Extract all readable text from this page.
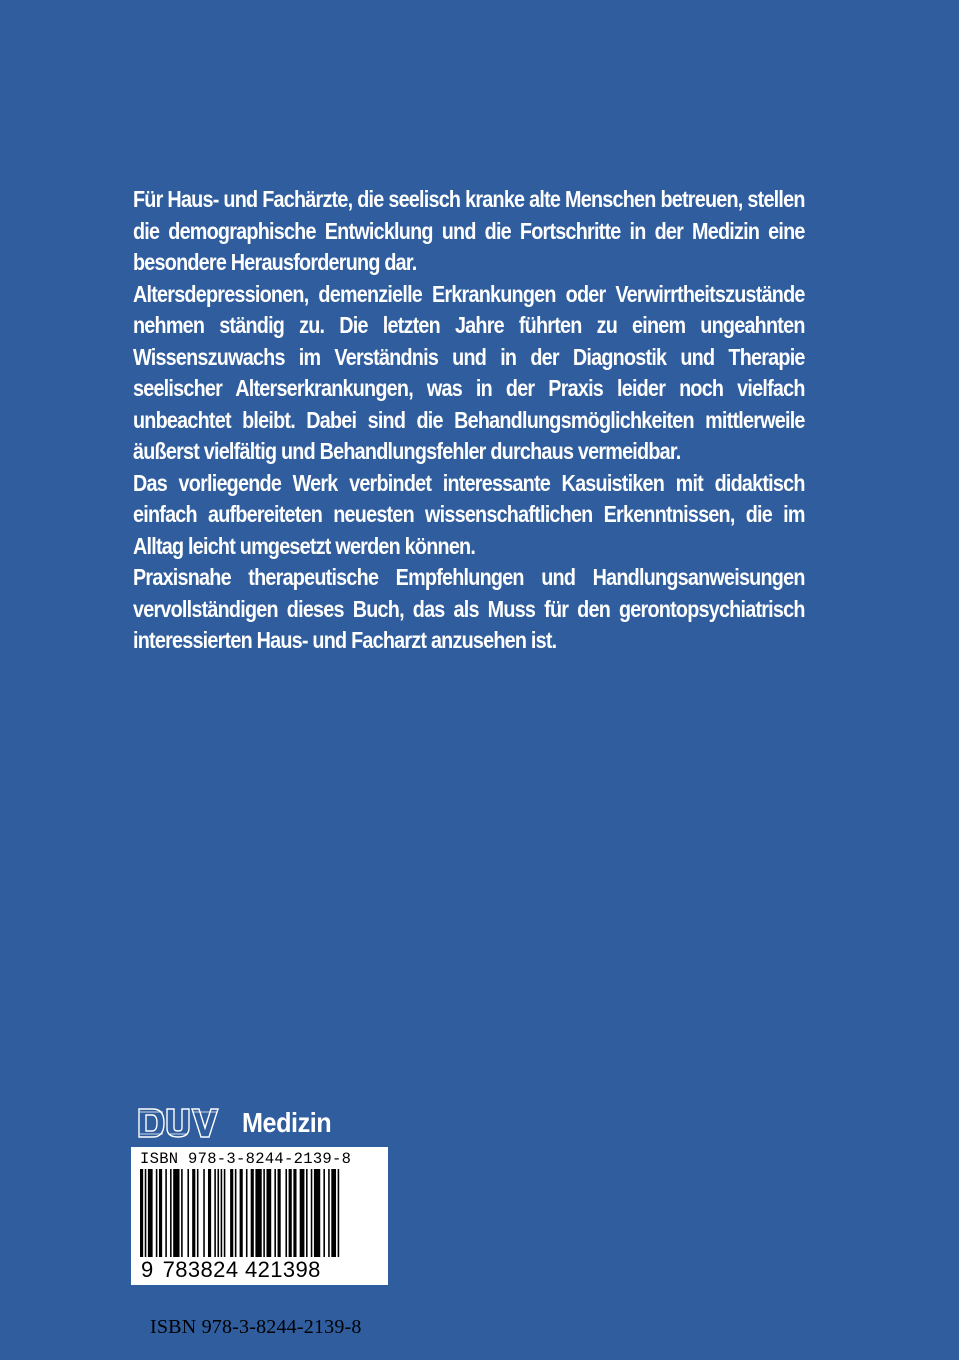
Für Haus- und Fachärzte, die seelisch kranke alte Menschen betreuen, stellen die demographische Entwicklung und die Fortschritte in der Medizin eine besondere Herausforderung dar.

Altersdepressionen, demenzielle Erkrankungen oder Verwirrtheitszustände nehmen ständig zu. Die letzten Jahre führten zu einem ungeahnten Wissenszuwachs im Verständnis und in der Diagnostik und Therapie seelischer Alterserkrankungen, was in der Praxis leider noch vielfach unbeachtet bleibt. Dabei sind die Behandlungsmöglichkeiten mittlerweile äußerst vielfältig und Behandlungsfehler durchaus vermeidbar.

Das vorliegende Werk verbindet interessante Kasuistiken mit didaktisch einfach aufbereiteten neuesten wissenschaftlichen Erkenntnissen, die im Alltag leicht umgesetzt werden können.

Praxisnahe therapeutische Empfehlungen und Handlungsanweisungen vervollständigen dieses Buch, das als Muss für den gerontopsychiatrisch interessierten Haus- und Facharzt anzusehen ist.

Medizin
ISBN 978-3-8244-2139-8
9 783824 421398
ISBN 978-3-8244-2139-8
